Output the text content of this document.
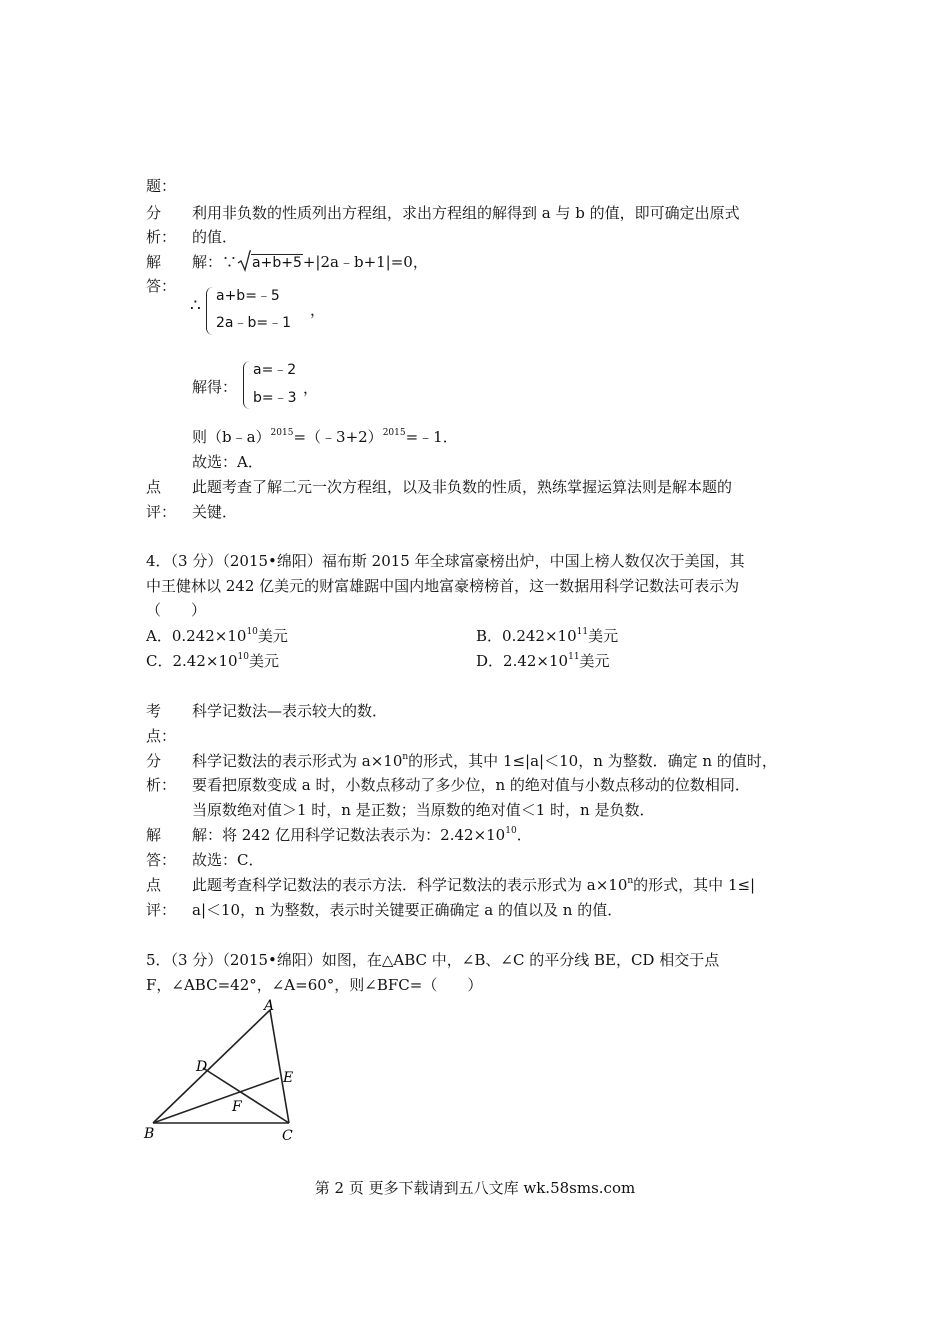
题：
分
析：
利用非负数的性质列出方程组，求出方程组的解得到 a 与 b 的值，即可确定出原式
的值．
解
答：
解：∵ a+b+5+|2a﹣b+1|=0，
∴ a+b=﹣5
2a﹣b=﹣1
，
解得：
a=﹣2
b=﹣3
，
则（b﹣a）$^{2015}$=（﹣3+2）$^{2015}$=﹣1．
故选：A．
点
评：
此题考查了解二元一次方程组，以及非负数的性质，熟练掌握运算法则是解本题的
关键．
4．（3 分）（2015•绵阳）福布斯 2015 年全球富豪榜出炉，中国上榜人数仅次于美国，其
中王健林以 242 亿美元的财富雄踞中国内地富豪榜榜首，这一数据用科学记数法可表示为
（　　）
A．$0.242\times 10^{10}$美元	B．$0.242\times 10^{11}$美元
C．$2.42\times 10^{10}$美元	D．$2.42\times 10^{11}$美元
考
点：
科学记数法—表示较大的数．
分
析：
科学记数法的表示形式为 $a\times 10^n$的形式，其中 1≤|a|＜10，n 为整数．确定 n 的值时，
要看把原数变成 a 时，小数点移动了多少位，n 的绝对值与小数点移动的位数相同．
当原数绝对值＞1 时，n 是正数；当原数的绝对值＜1 时，n 是负数．
解
答：
解：将 242 亿用科学记数法表示为：$2.42\times 10^{10}$．
故选：C．
点
评：
此题考查科学记数法的表示方法．科学记数法的表示形式为 $a\times 10^n$的形式，其中 1≤|
a|＜10，n 为整数，表示时关键要正确确定 a 的值以及 n 的值．
5．（3 分）（2015•绵阳）如图，在△ABC 中，∠B、∠C 的平分线 BE，CD 相交于点
F，∠ABC=42°，∠A=60°，则∠BFC=（　　）
A
B	C
D
E
F
第 2 页 更多下载请到五八文库 wk.58sms.com
